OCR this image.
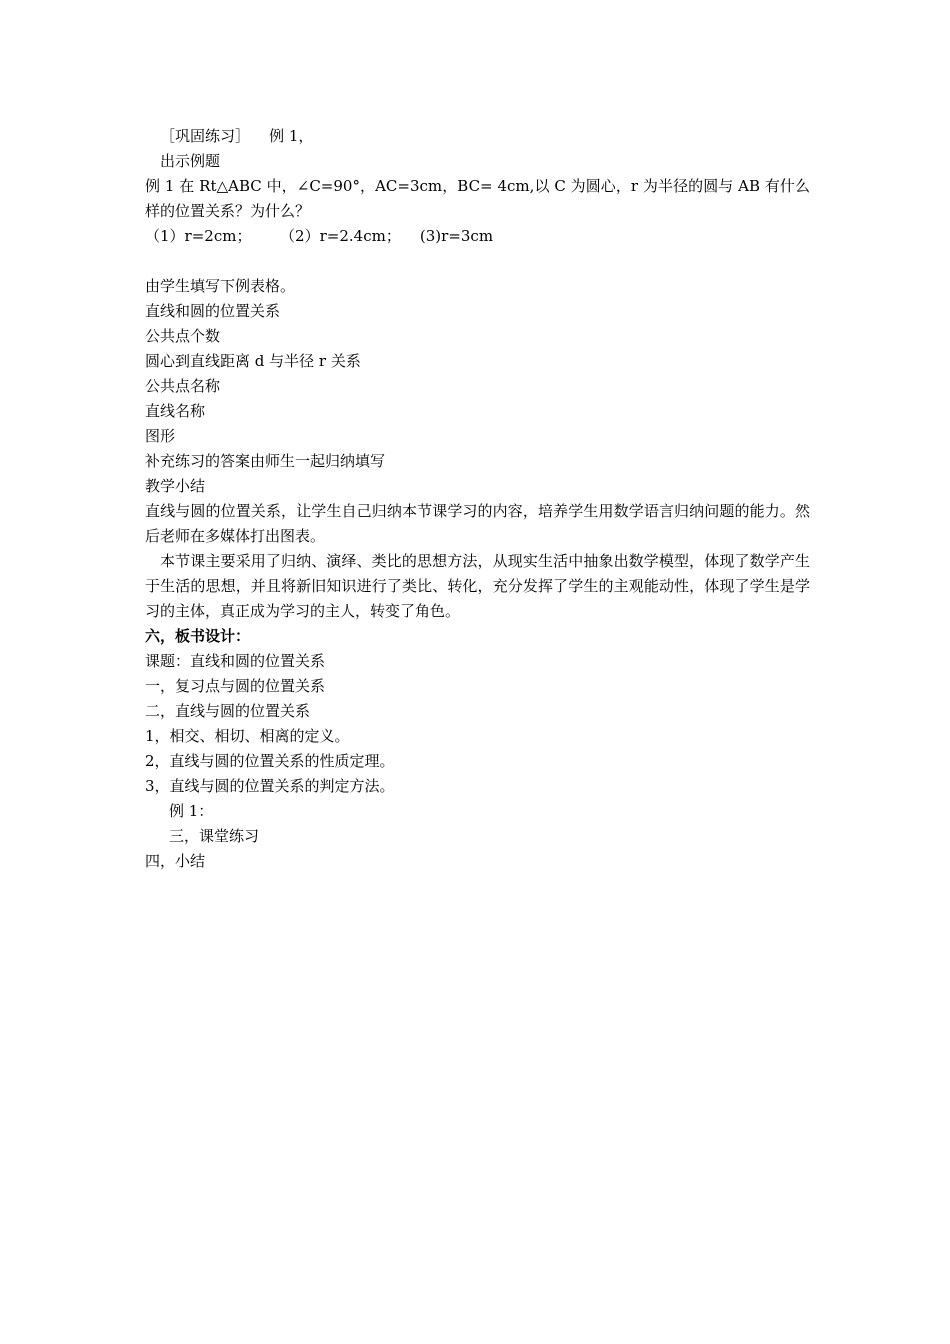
［巩固练习］    例 1，
出示例题
例 1 在 Rt△ABC 中，∠C=90°，AC=3cm，BC= 4cm,以 C 为圆心，r 为半径的圆与 AB 有什么样的位置关系？为什么？
（1）r=2cm；      （2）r=2.4cm；    (3)r=3cm
由学生填写下例表格。
直线和圆的位置关系
公共点个数
圆心到直线距离 d 与半径 r 关系
公共点名称
直线名称
图形
补充练习的答案由师生一起归纳填写
教学小结
直线与圆的位置关系，让学生自己归纳本节课学习的内容，培养学生用数学语言归纳问题的能力。然后老师在多媒体打出图表。
本节课主要采用了归纳、演绎、类比的思想方法，从现实生活中抽象出数学模型，体现了数学产生于生活的思想，并且将新旧知识进行了类比、转化，充分发挥了学生的主观能动性，体现了学生是学习的主体，真正成为学习的主人，转变了角色。
六，板书设计：
课题：直线和圆的位置关系
一，复习点与圆的位置关系
二，直线与圆的位置关系
1，相交、相切、相离的定义。
2，直线与圆的位置关系的性质定理。
3，直线与圆的位置关系的判定方法。
例 1：
三，课堂练习
四，小结
